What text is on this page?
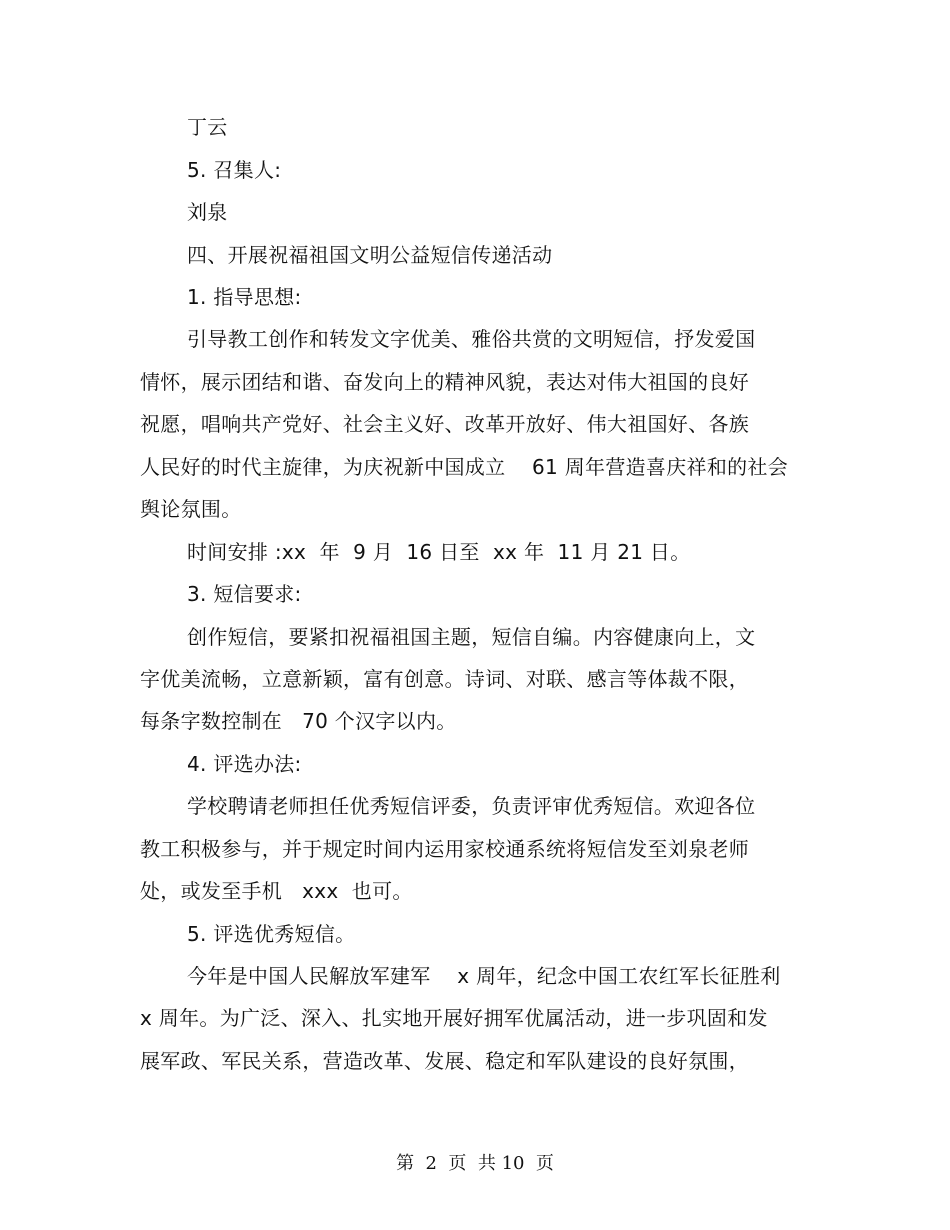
丁云
5. 召集人:
刘泉
四、开展祝福祖国文明公益短信传递活动
1. 指导思想:
引导教工创作和转发文字优美、雅俗共赏的文明短信，抒发爱国
情怀，展示团结和谐、奋发向上的精神风貌，表达对伟大祖国的良好
祝愿，唱响共产党好、社会主义好、改革开放好、伟大祖国好、各族
人民好的时代主旋律，为庆祝新中国成立    61 周年营造喜庆祥和的社会
舆论氛围。
时间安排 :xx  年  9 月  16 日至  xx 年  11 月 21 日。
3. 短信要求:
创作短信，要紧扣祝福祖国主题，短信自编。内容健康向上，文
字优美流畅，立意新颖，富有创意。诗词、对联、感言等体裁不限，
每条字数控制在   70 个汉字以内。
4. 评选办法:
学校聘请老师担任优秀短信评委，负责评审优秀短信。欢迎各位
教工积极参与，并于规定时间内运用家校通系统将短信发至刘泉老师
处，或发至手机   xxx  也可。
5. 评选优秀短信。
今年是中国人民解放军建军    x 周年，纪念中国工农红军长征胜利
x 周年。为广泛、深入、扎实地开展好拥军优属活动，进一步巩固和发
展军政、军民关系，营造改革、发展、稳定和军队建设的良好氛围，
第  2  页  共 10  页
